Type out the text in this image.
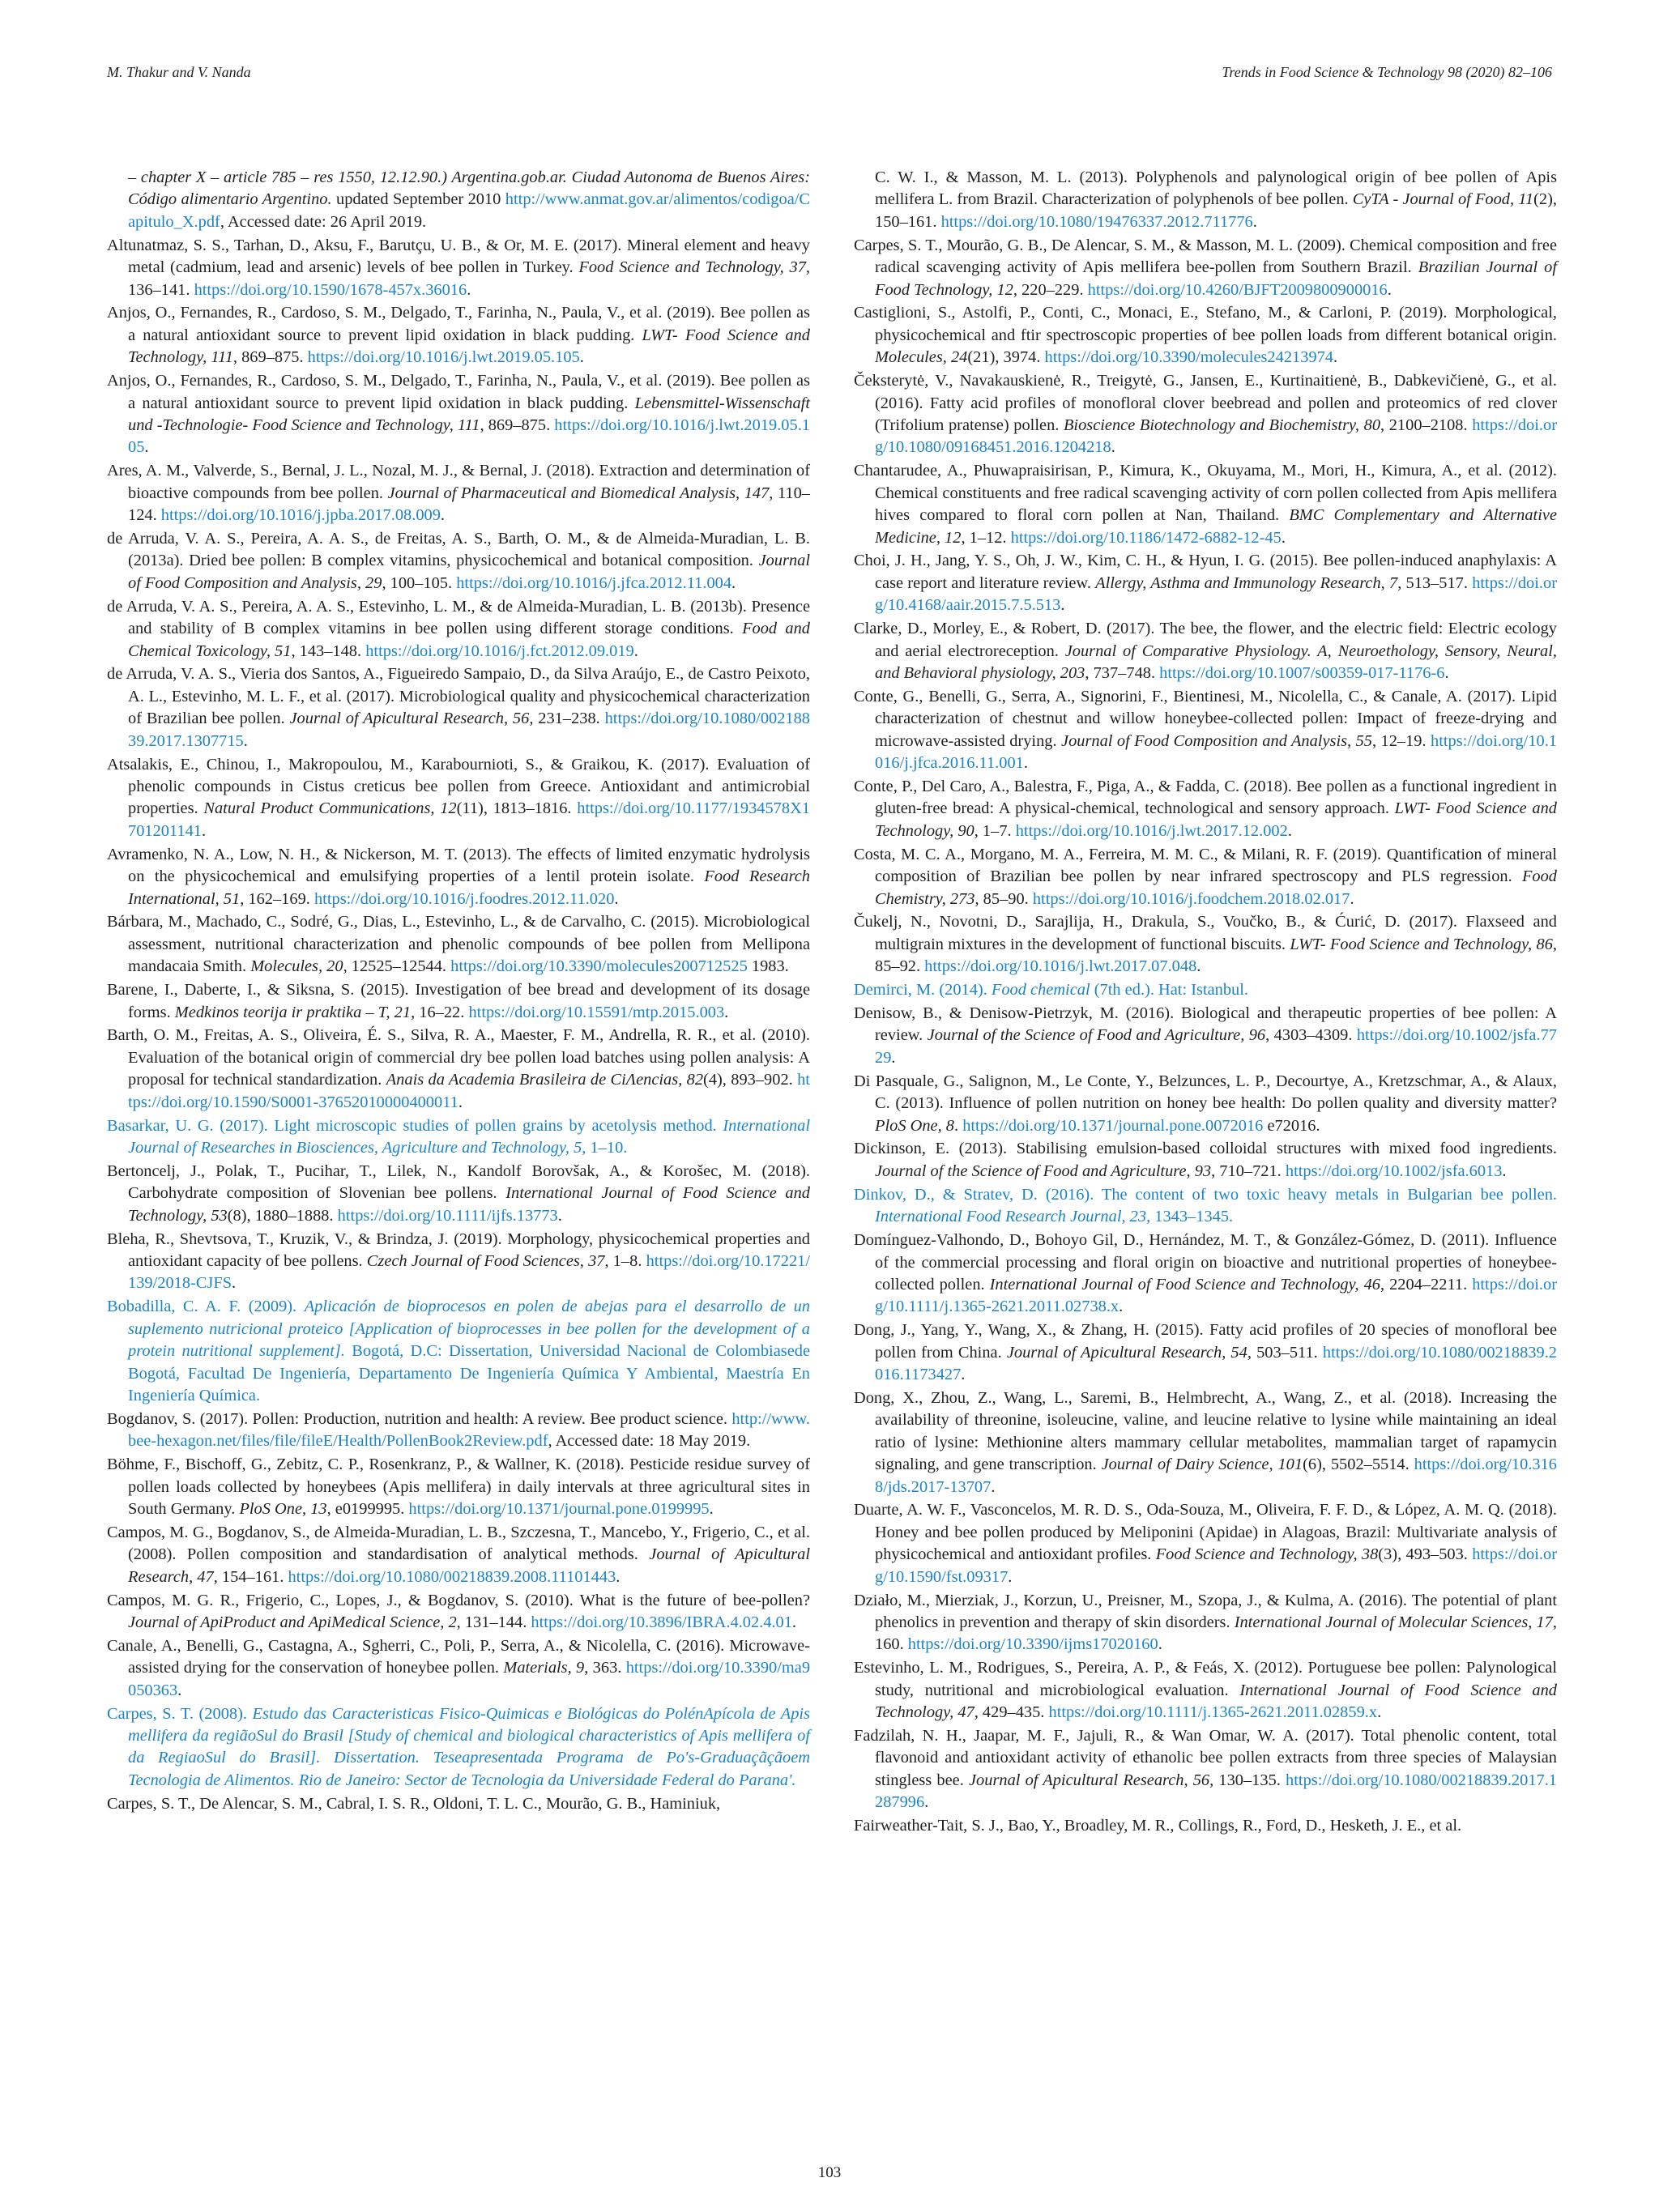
M. Thakur and V. Nanda	Trends in Food Science & Technology 98 (2020) 82–106

– chapter X – article 785 – res 1550, 12.12.90.) Argentina.gob.ar. Ciudad Autonoma de Buenos Aires: Código alimentario Argentino. updated September 2010 http://www.anmat.gov.ar/alimentos/codigoa/Capitulo_X.pdf, Accessed date: 26 April 2019.

Altunatmaz, S. S., Tarhan, D., Aksu, F., Barutçu, U. B., & Or, M. E. (2017). Mineral element and heavy metal (cadmium, lead and arsenic) levels of bee pollen in Turkey. Food Science and Technology, 37, 136–141. https://doi.org/10.1590/1678-457x.36016.

Anjos, O., Fernandes, R., Cardoso, S. M., Delgado, T., Farinha, N., Paula, V., et al. (2019). Bee pollen as a natural antioxidant source to prevent lipid oxidation in black pudding. LWT- Food Science and Technology, 111, 869–875. https://doi.org/10.1016/j.lwt.2019.05.105.

Anjos, O., Fernandes, R., Cardoso, S. M., Delgado, T., Farinha, N., Paula, V., et al. (2019). Bee pollen as a natural antioxidant source to prevent lipid oxidation in black pudding. Lebensmittel-Wissenschaft und -Technologie- Food Science and Technology, 111, 869–875. https://doi.org/10.1016/j.lwt.2019.05.105.

Ares, A. M., Valverde, S., Bernal, J. L., Nozal, M. J., & Bernal, J. (2018). Extraction and determination of bioactive compounds from bee pollen. Journal of Pharmaceutical and Biomedical Analysis, 147, 110–124. https://doi.org/10.1016/j.jpba.2017.08.009.

de Arruda, V. A. S., Pereira, A. A. S., de Freitas, A. S., Barth, O. M., & de Almeida-Muradian, L. B. (2013a). Dried bee pollen: B complex vitamins, physicochemical and botanical composition. Journal of Food Composition and Analysis, 29, 100–105. https://doi.org/10.1016/j.jfca.2012.11.004.

de Arruda, V. A. S., Pereira, A. A. S., Estevinho, L. M., & de Almeida-Muradian, L. B. (2013b). Presence and stability of B complex vitamins in bee pollen using different storage conditions. Food and Chemical Toxicology, 51, 143–148. https://doi.org/10.1016/j.fct.2012.09.019.

de Arruda, V. A. S., Vieria dos Santos, A., Figueiredo Sampaio, D., da Silva Araújo, E., de Castro Peixoto, A. L., Estevinho, M. L. F., et al. (2017). Microbiological quality and physicochemical characterization of Brazilian bee pollen. Journal of Apicultural Research, 56, 231–238. https://doi.org/10.1080/00218839.2017.1307715.

Atsalakis, E., Chinou, I., Makropoulou, M., Karabournioti, S., & Graikou, K. (2017). Evaluation of phenolic compounds in Cistus creticus bee pollen from Greece. Antioxidant and antimicrobial properties. Natural Product Communications, 12(11), 1813–1816. https://doi.org/10.1177/1934578X1701201141.

Avramenko, N. A., Low, N. H., & Nickerson, M. T. (2013). The effects of limited enzymatic hydrolysis on the physicochemical and emulsifying properties of a lentil protein isolate. Food Research International, 51, 162–169. https://doi.org/10.1016/j.foodres.2012.11.020.

Bárbara, M., Machado, C., Sodré, G., Dias, L., Estevinho, L., & de Carvalho, C. (2015). Microbiological assessment, nutritional characterization and phenolic compounds of bee pollen from Mellipona mandacaia Smith. Molecules, 20, 12525–12544. https://doi.org/10.3390/molecules200712525 1983.

Barene, I., Daberte, I., & Siksna, S. (2015). Investigation of bee bread and development of its dosage forms. Medkinos teorija ir praktika – T, 21, 16–22. https://doi.org/10.15591/mtp.2015.003.

Barth, O. M., Freitas, A. S., Oliveira, É. S., Silva, R. A., Maester, F. M., Andrella, R. R., et al. (2010). Evaluation of the botanical origin of commercial dry bee pollen load batches using pollen analysis: A proposal for technical standardization. Anais da Academia Brasileira de CiΛencias, 82(4), 893–902. https://doi.org/10.1590/S0001-37652010000400011.

Basarkar, U. G. (2017). Light microscopic studies of pollen grains by acetolysis method. International Journal of Researches in Biosciences, Agriculture and Technology, 5, 1–10.

Bertoncelj, J., Polak, T., Pucihar, T., Lilek, N., Kandolf Borovšak, A., & Korošec, M. (2018). Carbohydrate composition of Slovenian bee pollens. International Journal of Food Science and Technology, 53(8), 1880–1888. https://doi.org/10.1111/ijfs.13773.

Bleha, R., Shevtsova, T., Kruzik, V., & Brindza, J. (2019). Morphology, physicochemical properties and antioxidant capacity of bee pollens. Czech Journal of Food Sciences, 37, 1–8. https://doi.org/10.17221/139/2018-CJFS.

Bobadilla, C. A. F. (2009). Aplicación de bioprocesos en polen de abejas para el desarrollo de un suplemento nutricional proteico [Application of bioprocesses in bee pollen for the development of a protein nutritional supplement]. Bogotá, D.C: Dissertation, Universidad Nacional de Colombiasede Bogotá, Facultad De Ingeniería, Departamento De Ingeniería Química Y Ambiental, Maestría En Ingeniería Química.

Bogdanov, S. (2017). Pollen: Production, nutrition and health: A review. Bee product science. http://www.bee-hexagon.net/files/file/fileE/Health/PollenBook2Review.pdf, Accessed date: 18 May 2019.

Böhme, F., Bischoff, G., Zebitz, C. P., Rosenkranz, P., & Wallner, K. (2018). Pesticide residue survey of pollen loads collected by honeybees (Apis mellifera) in daily intervals at three agricultural sites in South Germany. PloS One, 13, e0199995. https://doi.org/10.1371/journal.pone.0199995.

Campos, M. G., Bogdanov, S., de Almeida-Muradian, L. B., Szczesna, T., Mancebo, Y., Frigerio, C., et al. (2008). Pollen composition and standardisation of analytical methods. Journal of Apicultural Research, 47, 154–161. https://doi.org/10.1080/00218839.2008.11101443.

Campos, M. G. R., Frigerio, C., Lopes, J., & Bogdanov, S. (2010). What is the future of bee-pollen? Journal of ApiProduct and ApiMedical Science, 2, 131–144. https://doi.org/10.3896/IBRA.4.02.4.01.

Canale, A., Benelli, G., Castagna, A., Sgherri, C., Poli, P., Serra, A., & Nicolella, C. (2016). Microwave-assisted drying for the conservation of honeybee pollen. Materials, 9, 363. https://doi.org/10.3390/ma9050363.

Carpes, S. T. (2008). Estudo das Caracteristicas Fisico-Quimicas e Biológicas do PolénApícola de Apis mellifera da regiãoSul do Brasil [Study of chemical and biological characteristics of Apis mellifera of da RegiaoSul do Brasil]. Dissertation. Teseapresentada Programa de Po's-Graduaçãçãoem Tecnologia de Alimentos. Rio de Janeiro: Sector de Tecnologia da Universidade Federal do Parana'.

Carpes, S. T., De Alencar, S. M., Cabral, I. S. R., Oldoni, T. L. C., Mourão, G. B., Haminiuk,

C. W. I., & Masson, M. L. (2013). Polyphenols and palynological origin of bee pollen of Apis mellifera L. from Brazil. Characterization of polyphenols of bee pollen. CyTA - Journal of Food, 11(2), 150–161. https://doi.org/10.1080/19476337.2012.711776.

Carpes, S. T., Mourão, G. B., De Alencar, S. M., & Masson, M. L. (2009). Chemical composition and free radical scavenging activity of Apis mellifera bee-pollen from Southern Brazil. Brazilian Journal of Food Technology, 12, 220–229. https://doi.org/10.4260/BJFT2009800900016.

Castiglioni, S., Astolfi, P., Conti, C., Monaci, E., Stefano, M., & Carloni, P. (2019). Morphological, physicochemical and ftir spectroscopic properties of bee pollen loads from different botanical origin. Molecules, 24(21), 3974. https://doi.org/10.3390/molecules24213974.

Čeksterytė, V., Navakauskienė, R., Treigytė, G., Jansen, E., Kurtinaitienė, B., Dabkevičienė, G., et al. (2016). Fatty acid profiles of monofloral clover beebread and pollen and proteomics of red clover (Trifolium pratense) pollen. Bioscience Biotechnology and Biochemistry, 80, 2100–2108. https://doi.org/10.1080/09168451.2016.1204218.

Chantarudee, A., Phuwapraisirisan, P., Kimura, K., Okuyama, M., Mori, H., Kimura, A., et al. (2012). Chemical constituents and free radical scavenging activity of corn pollen collected from Apis mellifera hives compared to floral corn pollen at Nan, Thailand. BMC Complementary and Alternative Medicine, 12, 1–12. https://doi.org/10.1186/1472-6882-12-45.

Choi, J. H., Jang, Y. S., Oh, J. W., Kim, C. H., & Hyun, I. G. (2015). Bee pollen-induced anaphylaxis: A case report and literature review. Allergy, Asthma and Immunology Research, 7, 513–517. https://doi.org/10.4168/aair.2015.7.5.513.

Clarke, D., Morley, E., & Robert, D. (2017). The bee, the flower, and the electric field: Electric ecology and aerial electroreception. Journal of Comparative Physiology. A, Neuroethology, Sensory, Neural, and Behavioral physiology, 203, 737–748. https://doi.org/10.1007/s00359-017-1176-6.

Conte, G., Benelli, G., Serra, A., Signorini, F., Bientinesi, M., Nicolella, C., & Canale, A. (2017). Lipid characterization of chestnut and willow honeybee-collected pollen: Impact of freeze-drying and microwave-assisted drying. Journal of Food Composition and Analysis, 55, 12–19. https://doi.org/10.1016/j.jfca.2016.11.001.

Conte, P., Del Caro, A., Balestra, F., Piga, A., & Fadda, C. (2018). Bee pollen as a functional ingredient in gluten-free bread: A physical-chemical, technological and sensory approach. LWT- Food Science and Technology, 90, 1–7. https://doi.org/10.1016/j.lwt.2017.12.002.

Costa, M. C. A., Morgano, M. A., Ferreira, M. M. C., & Milani, R. F. (2019). Quantification of mineral composition of Brazilian bee pollen by near infrared spectroscopy and PLS regression. Food Chemistry, 273, 85–90. https://doi.org/10.1016/j.foodchem.2018.02.017.

Čukelj, N., Novotni, D., Sarajlija, H., Drakula, S., Voučko, B., & Ćurić, D. (2017). Flaxseed and multigrain mixtures in the development of functional biscuits. LWT- Food Science and Technology, 86, 85–92. https://doi.org/10.1016/j.lwt.2017.07.048.

Demirci, M. (2014). Food chemical (7th ed.). Hat: Istanbul.

Denisow, B., & Denisow-Pietrzyk, M. (2016). Biological and therapeutic properties of bee pollen: A review. Journal of the Science of Food and Agriculture, 96, 4303–4309. https://doi.org/10.1002/jsfa.7729.

Di Pasquale, G., Salignon, M., Le Conte, Y., Belzunces, L. P., Decourtye, A., Kretzschmar, A., & Alaux, C. (2013). Influence of pollen nutrition on honey bee health: Do pollen quality and diversity matter? PloS One, 8. https://doi.org/10.1371/journal.pone.0072016 e72016.

Dickinson, E. (2013). Stabilising emulsion-based colloidal structures with mixed food ingredients. Journal of the Science of Food and Agriculture, 93, 710–721. https://doi.org/10.1002/jsfa.6013.

Dinkov, D., & Stratev, D. (2016). The content of two toxic heavy metals in Bulgarian bee pollen. International Food Research Journal, 23, 1343–1345.

Domínguez-Valhondo, D., Bohoyo Gil, D., Hernández, M. T., & González-Gómez, D. (2011). Influence of the commercial processing and floral origin on bioactive and nutritional properties of honeybee-collected pollen. International Journal of Food Science and Technology, 46, 2204–2211. https://doi.org/10.1111/j.1365-2621.2011.02738.x.

Dong, J., Yang, Y., Wang, X., & Zhang, H. (2015). Fatty acid profiles of 20 species of monofloral bee pollen from China. Journal of Apicultural Research, 54, 503–511. https://doi.org/10.1080/00218839.2016.1173427.

Dong, X., Zhou, Z., Wang, L., Saremi, B., Helmbrecht, A., Wang, Z., et al. (2018). Increasing the availability of threonine, isoleucine, valine, and leucine relative to lysine while maintaining an ideal ratio of lysine: Methionine alters mammary cellular metabolites, mammalian target of rapamycin signaling, and gene transcription. Journal of Dairy Science, 101(6), 5502–5514. https://doi.org/10.3168/jds.2017-13707.

Duarte, A. W. F., Vasconcelos, M. R. D. S., Oda-Souza, M., Oliveira, F. F. D., & López, A. M. Q. (2018). Honey and bee pollen produced by Meliponini (Apidae) in Alagoas, Brazil: Multivariate analysis of physicochemical and antioxidant profiles. Food Science and Technology, 38(3), 493–503. https://doi.org/10.1590/fst.09317.

Działo, M., Mierziak, J., Korzun, U., Preisner, M., Szopa, J., & Kulma, A. (2016). The potential of plant phenolics in prevention and therapy of skin disorders. International Journal of Molecular Sciences, 17, 160. https://doi.org/10.3390/ijms17020160.

Estevinho, L. M., Rodrigues, S., Pereira, A. P., & Feás, X. (2012). Portuguese bee pollen: Palynological study, nutritional and microbiological evaluation. International Journal of Food Science and Technology, 47, 429–435. https://doi.org/10.1111/j.1365-2621.2011.02859.x.

Fadzilah, N. H., Jaapar, M. F., Jajuli, R., & Wan Omar, W. A. (2017). Total phenolic content, total flavonoid and antioxidant activity of ethanolic bee pollen extracts from three species of Malaysian stingless bee. Journal of Apicultural Research, 56, 130–135. https://doi.org/10.1080/00218839.2017.1287996.

Fairweather-Tait, S. J., Bao, Y., Broadley, M. R., Collings, R., Ford, D., Hesketh, J. E., et al.

103
